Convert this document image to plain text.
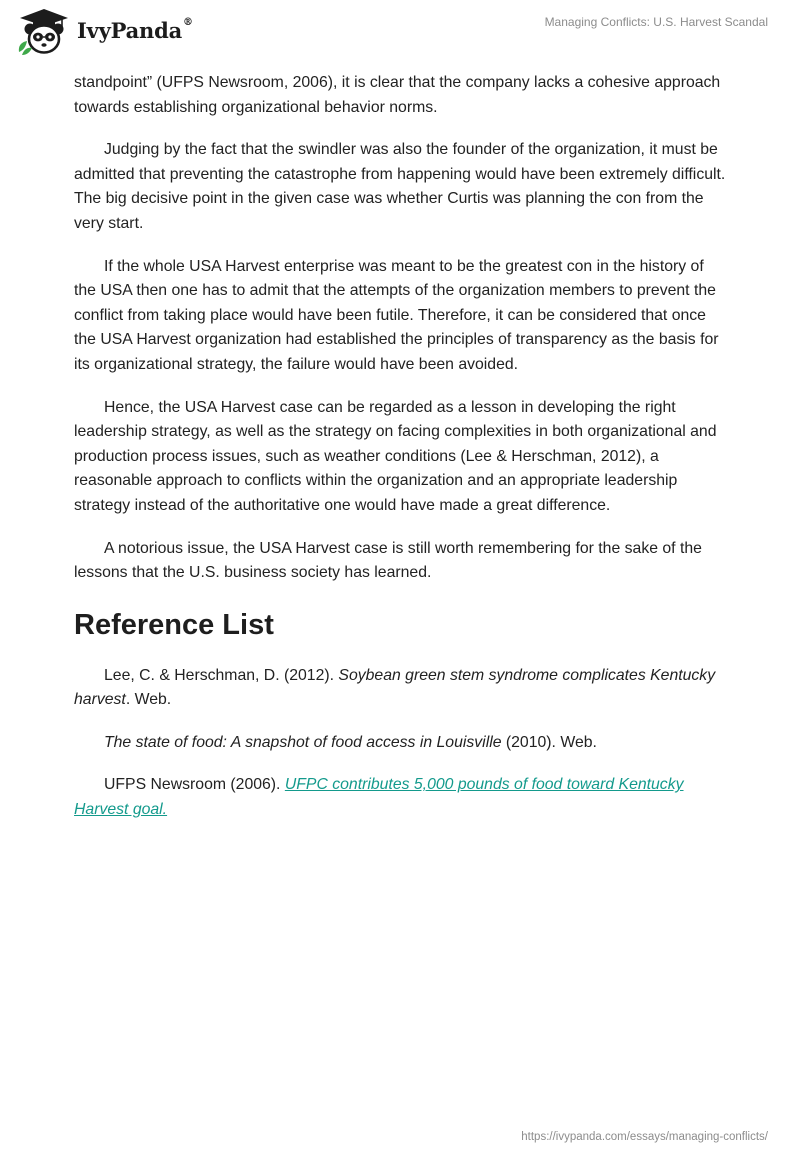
IvyPanda®	Managing Conflicts: U.S. Harvest Scandal

standpoint” (UFPS Newsroom, 2006), it is clear that the company lacks a cohesive approach towards establishing organizational behavior norms.

Judging by the fact that the swindler was also the founder of the organization, it must be admitted that preventing the catastrophe from happening would have been extremely difficult. The big decisive point in the given case was whether Curtis was planning the con from the very start.

If the whole USA Harvest enterprise was meant to be the greatest con in the history of the USA then one has to admit that the attempts of the organization members to prevent the conflict from taking place would have been futile. Therefore, it can be considered that once the USA Harvest organization had established the principles of transparency as the basis for its organizational strategy, the failure would have been avoided.

Hence, the USA Harvest case can be regarded as a lesson in developing the right leadership strategy, as well as the strategy on facing complexities in both organizational and production process issues, such as weather conditions (Lee & Herschman, 2012), a reasonable approach to conflicts within the organization and an appropriate leadership strategy instead of the authoritative one would have made a great difference.

A notorious issue, the USA Harvest case is still worth remembering for the sake of the lessons that the U.S. business society has learned.

Reference List

Lee, C. & Herschman, D. (2012). Soybean green stem syndrome complicates Kentucky harvest. Web.

The state of food: A snapshot of food access in Louisville (2010). Web.

UFPS Newsroom (2006). UFPC contributes 5,000 pounds of food toward Kentucky Harvest goal.

https://ivypanda.com/essays/managing-conflicts/
